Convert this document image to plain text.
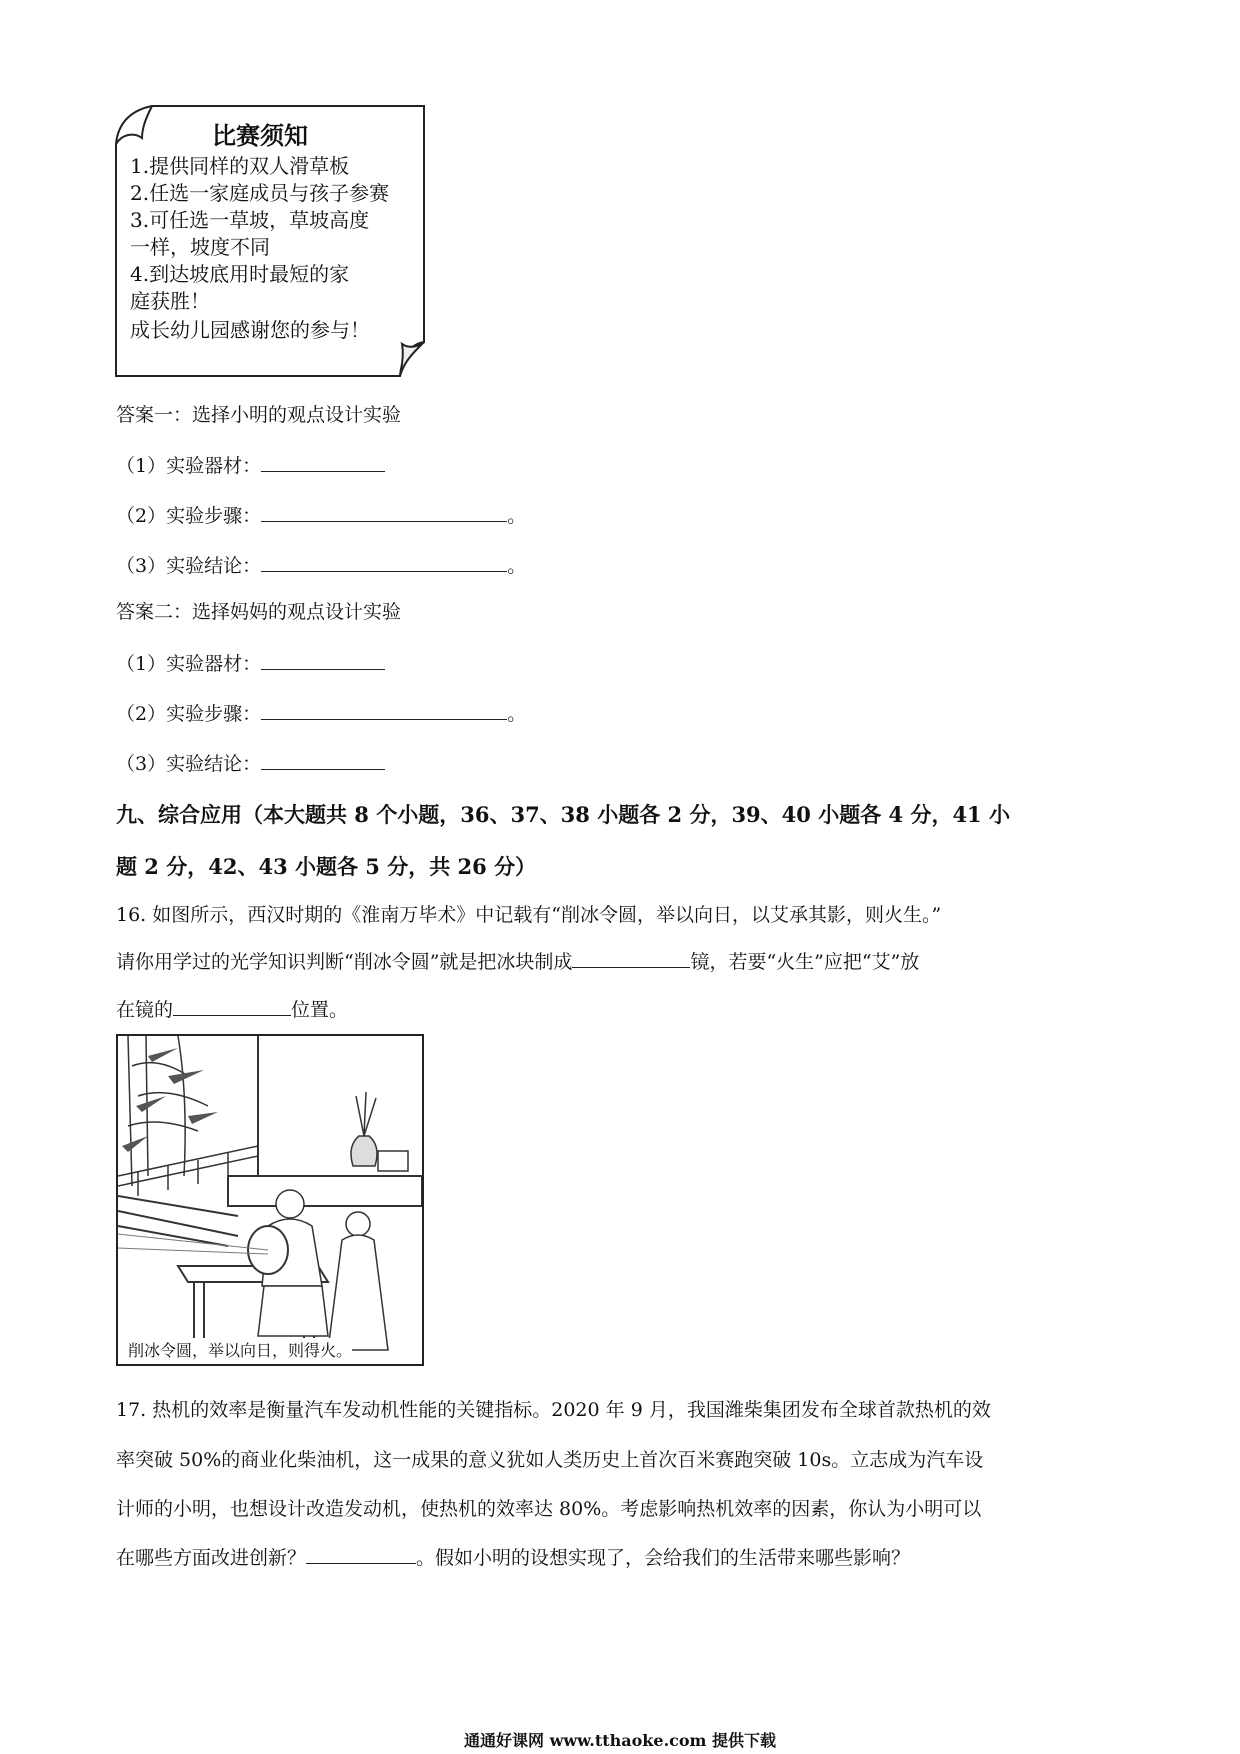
比赛须知
1.提供同样的双人滑草板
2.任选一家庭成员与孩子参赛
3.可任选一草坡，草坡高度
一样，坡度不同
4.到达坡底用时最短的家
庭获胜！
成长幼儿园感谢您的参与！
答案一：选择小明的观点设计实验
（1）实验器材：
（2）实验步骤：	。
（3）实验结论：	。
答案二：选择妈妈的观点设计实验
（1）实验器材：
（2）实验步骤：	。
（3）实验结论：
九、综合应用（本大题共 8 个小题，36、37、38 小题各 2 分，39、40 小题各 4 分，41 小
题 2 分，42、43 小题各 5 分，共 26 分）
16. 如图所示，西汉时期的《淮南万毕术》中记载有“削冰令圆，举以向日，以艾承其影，则火生。”
请你用学过的光学知识判断“削冰令圆”就是把冰块制成	镜，若要“火生”应把“艾”放
在镜的	位置。
削冰令圆，举以向日，则得火。
17. 热机的效率是衡量汽车发动机性能的关键指标。2020 年 9 月，我国潍柴集团发布全球首款热机的效
率突破 50%的商业化柴油机，这一成果的意义犹如人类历史上首次百米赛跑突破 10s。立志成为汽车设
计师的小明，也想设计改造发动机，使热机的效率达 80%。考虑影响热机效率的因素，你认为小明可以
在哪些方面改进创新？	。假如小明的设想实现了，会给我们的生活带来哪些影响？
通通好课网 www.tthaoke.com 提供下载
